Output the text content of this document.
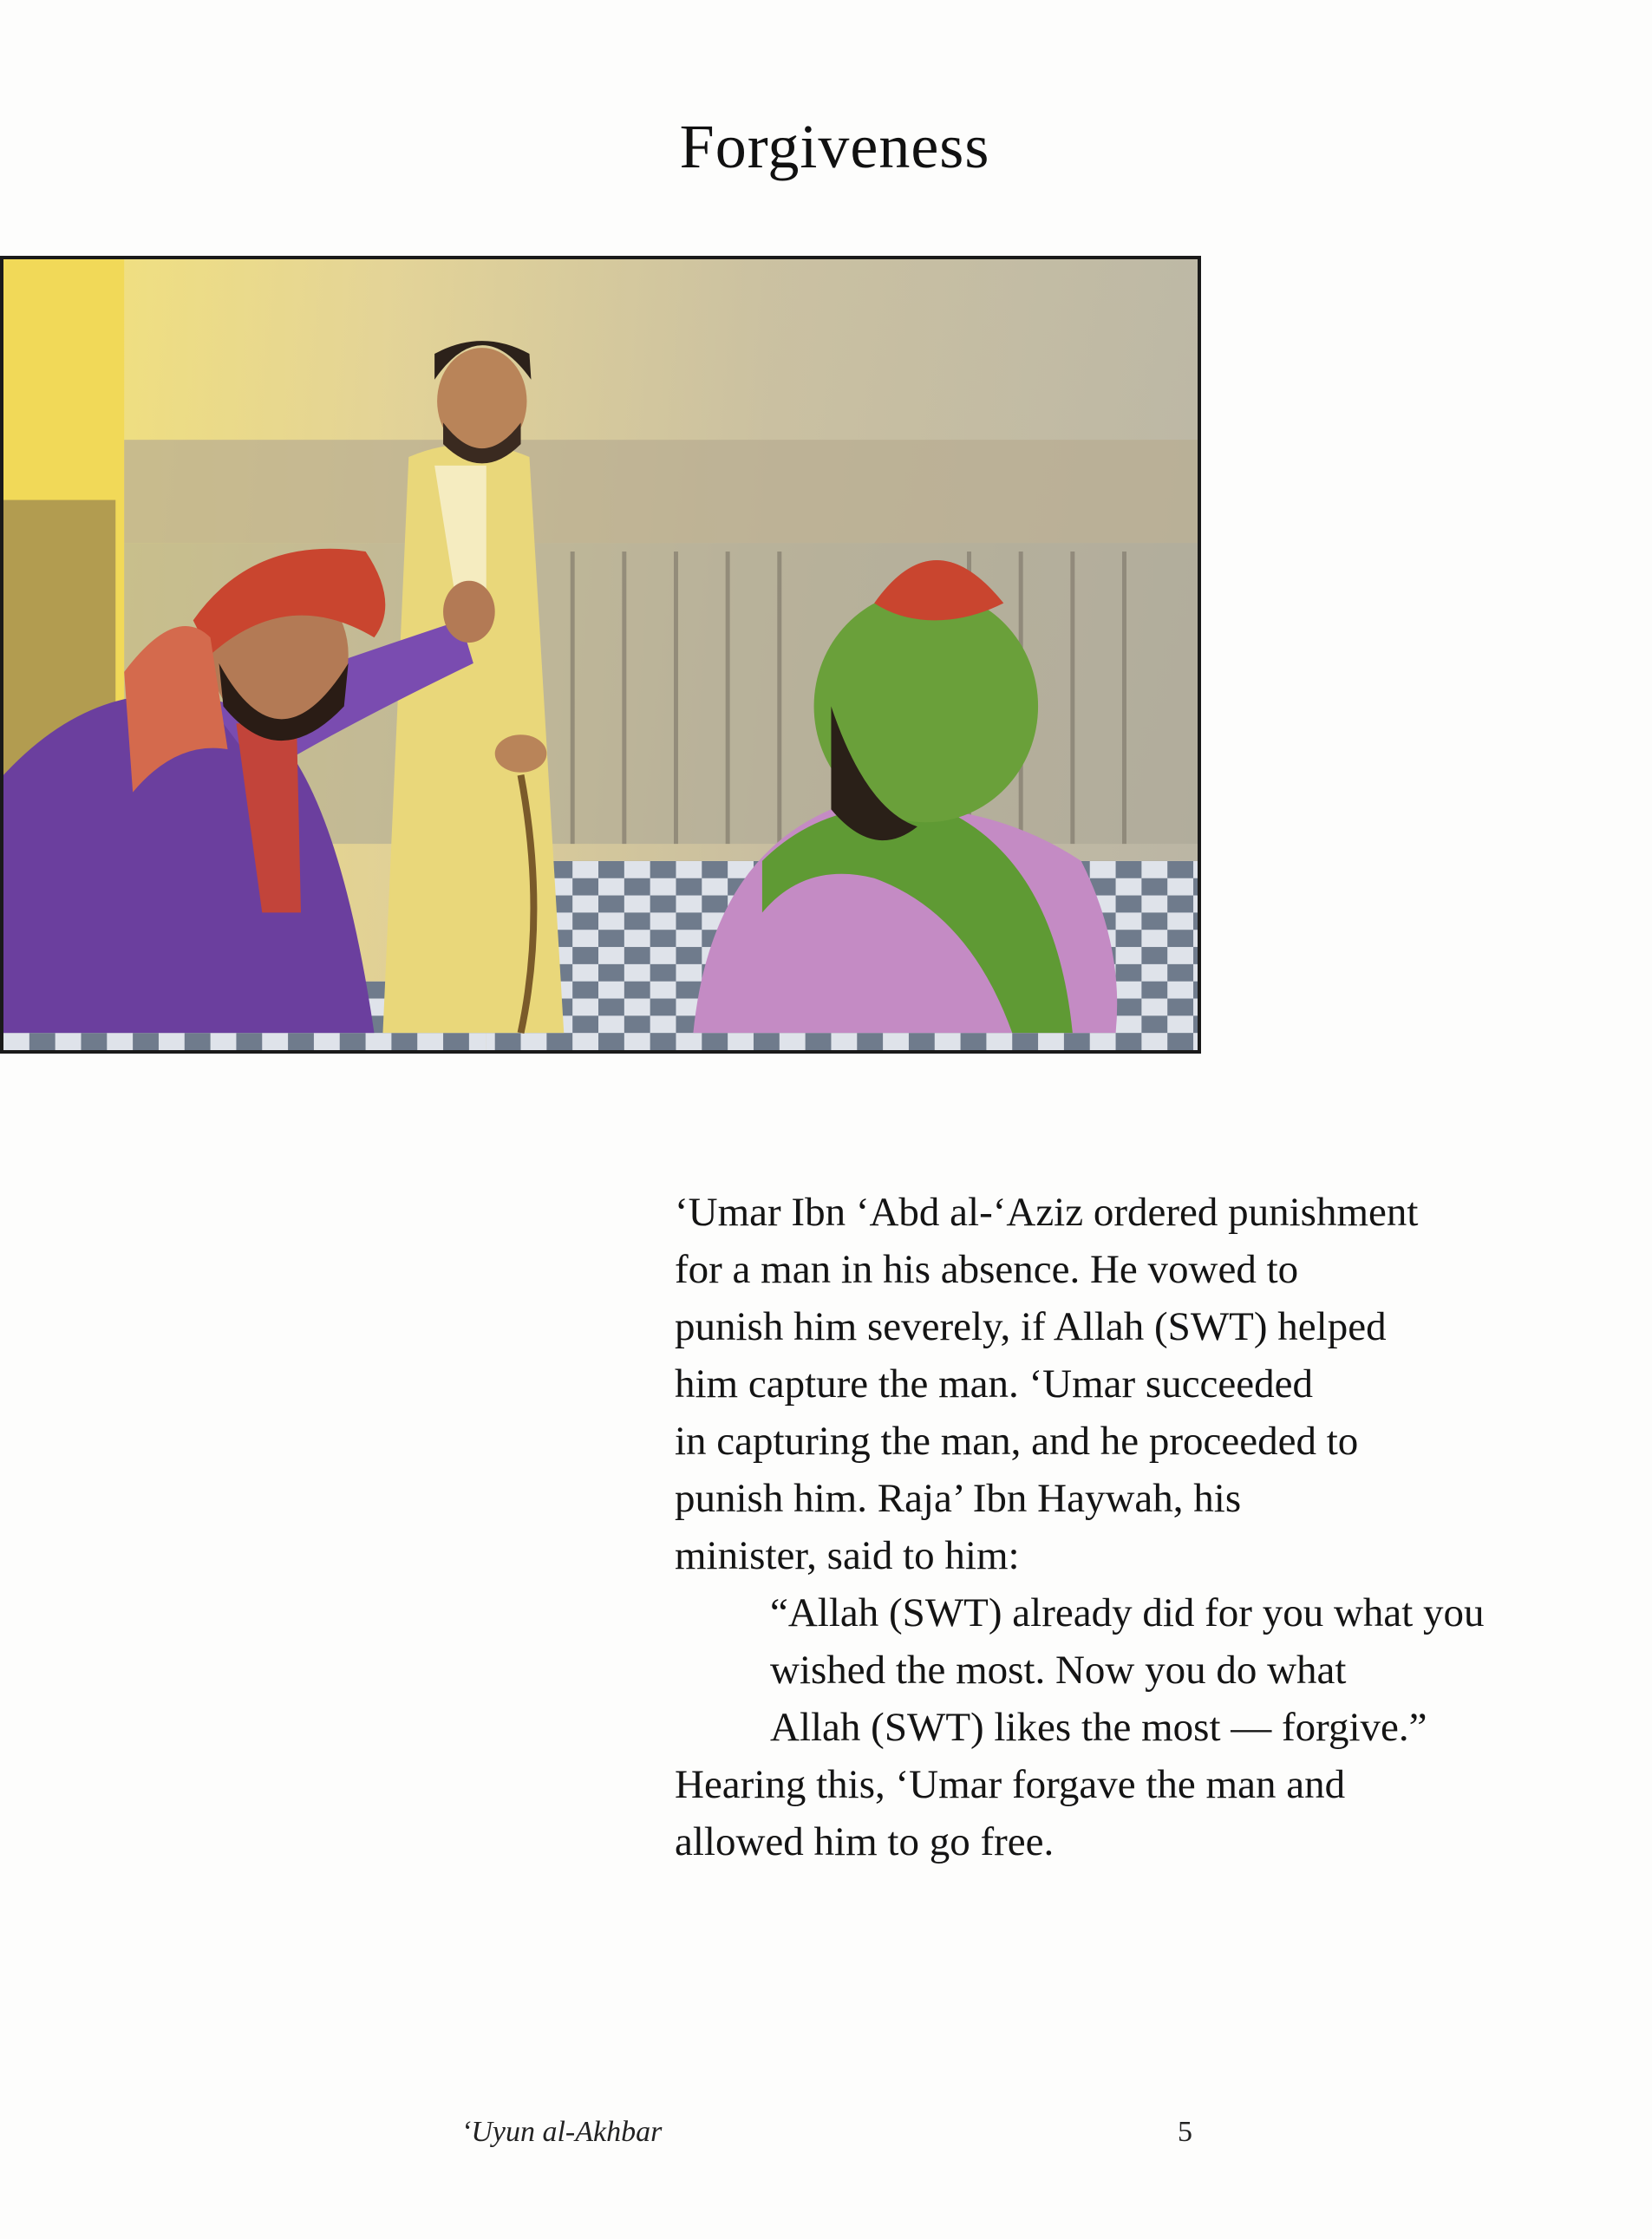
Forgiveness
‘Umar Ibn ‘Abd al-‘Aziz ordered punishment
for a man in his absence. He vowed to
punish him severely, if Allah (SWT) helped
him capture the man. ‘Umar succeeded
in capturing the man, and he proceeded to
punish him. Raja’ Ibn Haywah, his
minister, said to him:
“Allah (SWT) already did for you what you
wished the most. Now you do what
Allah (SWT) likes the most — forgive.”
Hearing this, ‘Umar forgave the man and
allowed him to go free.
‘Uyun al-Akhbar	5
